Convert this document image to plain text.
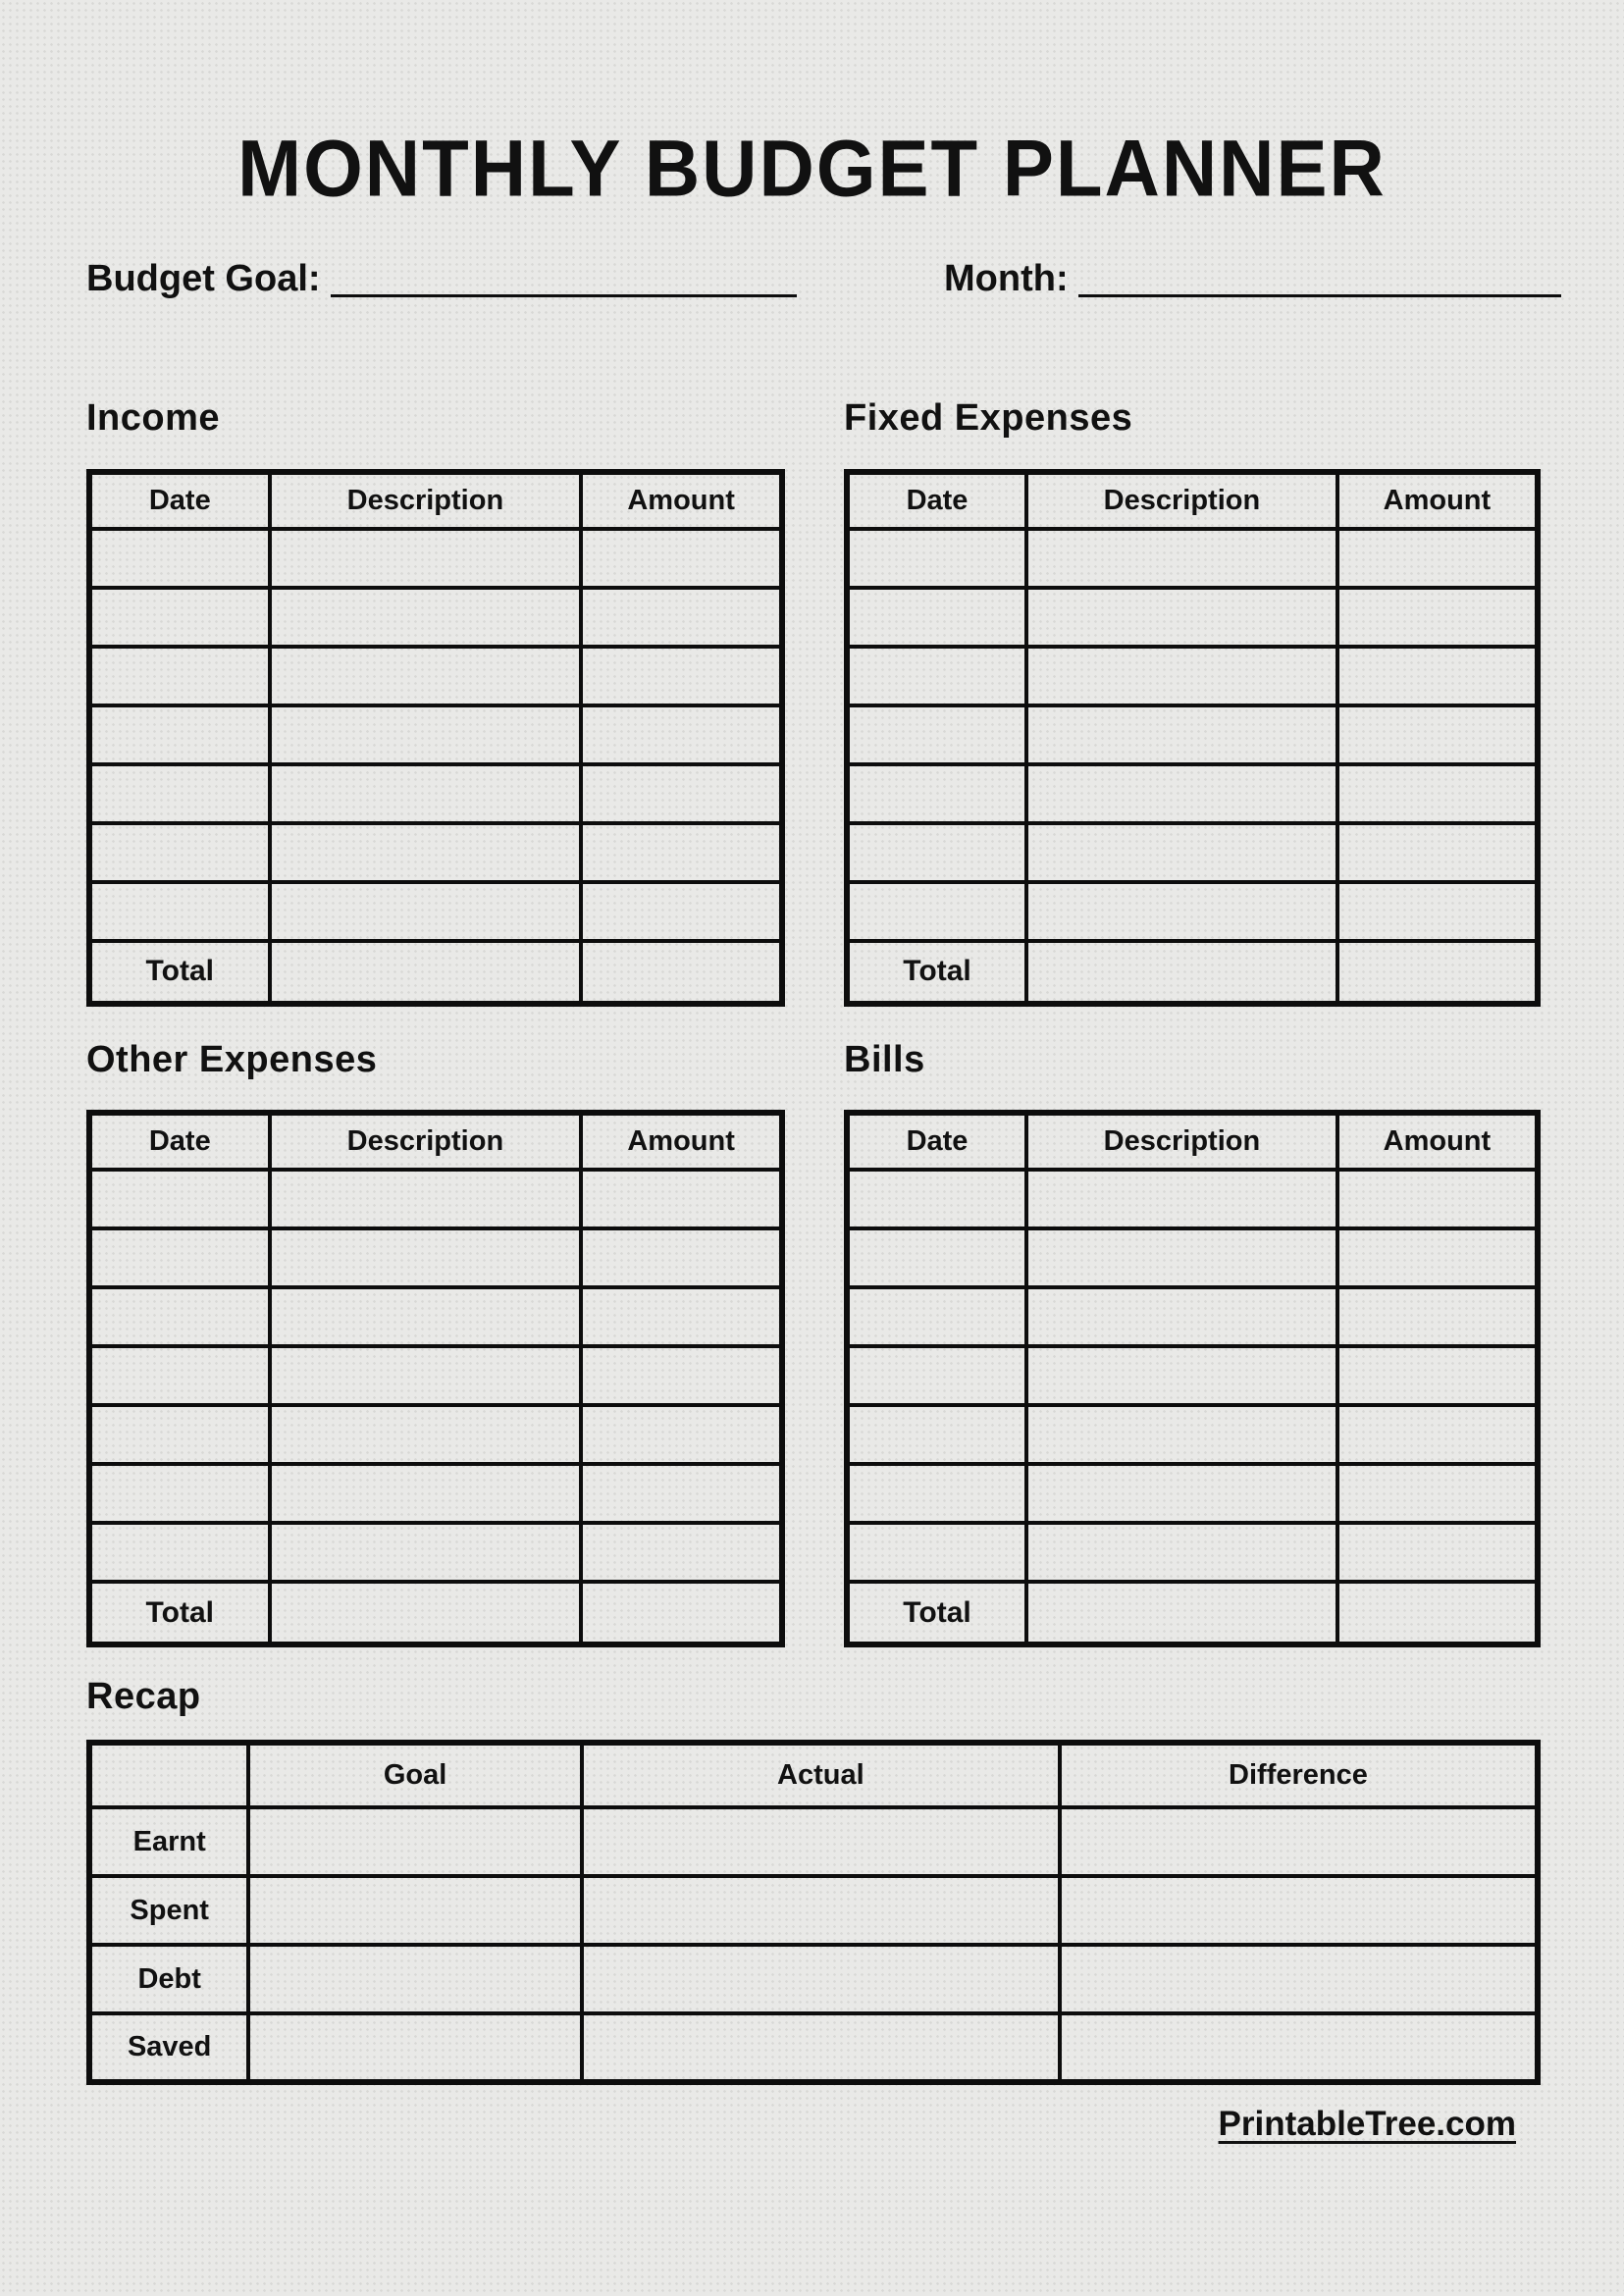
MONTHLY BUDGET PLANNER
Budget Goal:	Month:
Income
Date	Description	Amount

Total		
Fixed Expenses
Date	Description	Amount

Total		
Other Expenses
Date	Description	Amount

Total		
Bills
Date	Description	Amount

Total		
Recap
	Goal	Actual	Difference
Earnt			
Spent			
Debt			
Saved			
PrintableTree.com
